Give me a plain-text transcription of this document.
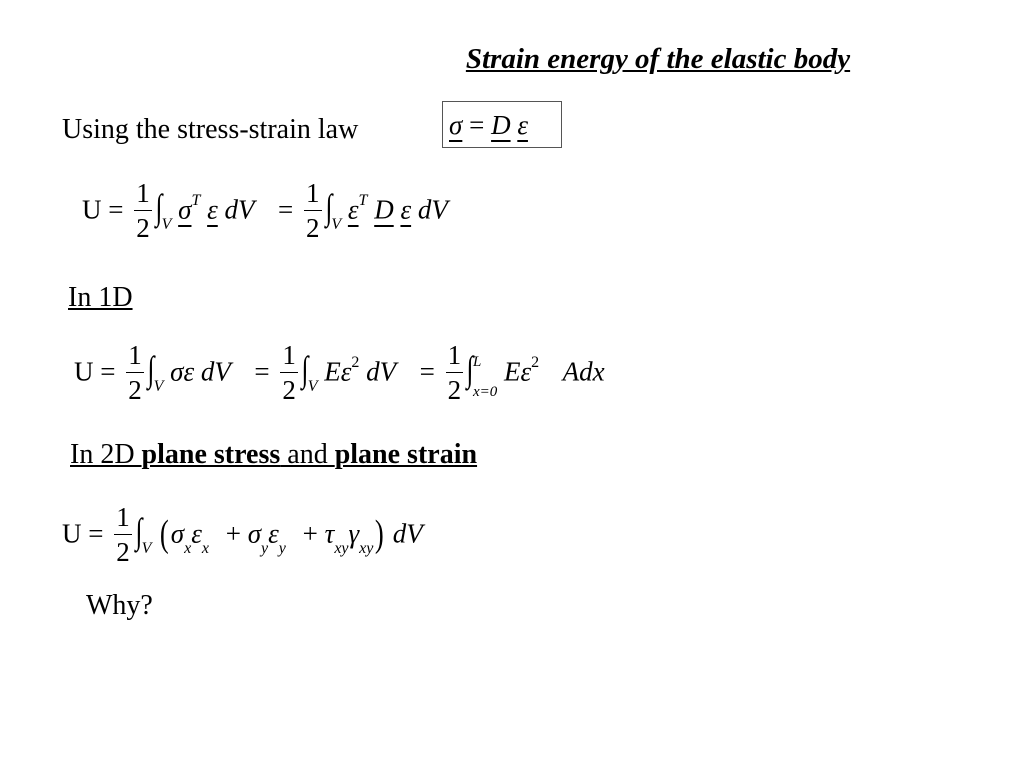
Strain energy of the elastic body
Using the stress-strain law	σ = D ε
$U = \frac{1}{2} \int_V$ $\sigma^T$ ε dV = $\frac{1}{2} \int_V$ $\varepsilon^T$ D ε dV
In 1D
$U = \frac{1}{2} \int_V$ σε dV = $\frac{1}{2} \int_V$ $E\varepsilon^2$ dV = $\frac{1}{2}$ ∫ L
x=0
$E\varepsilon^2$ Adx
In 2D plane stress and plane strain
$U = \frac{1}{2} \int_V$ $(\sigma_x\varepsilon_x + \sigma_y\varepsilon_y + \tau_{xy}\gamma_{xy})$ dV
Why?
